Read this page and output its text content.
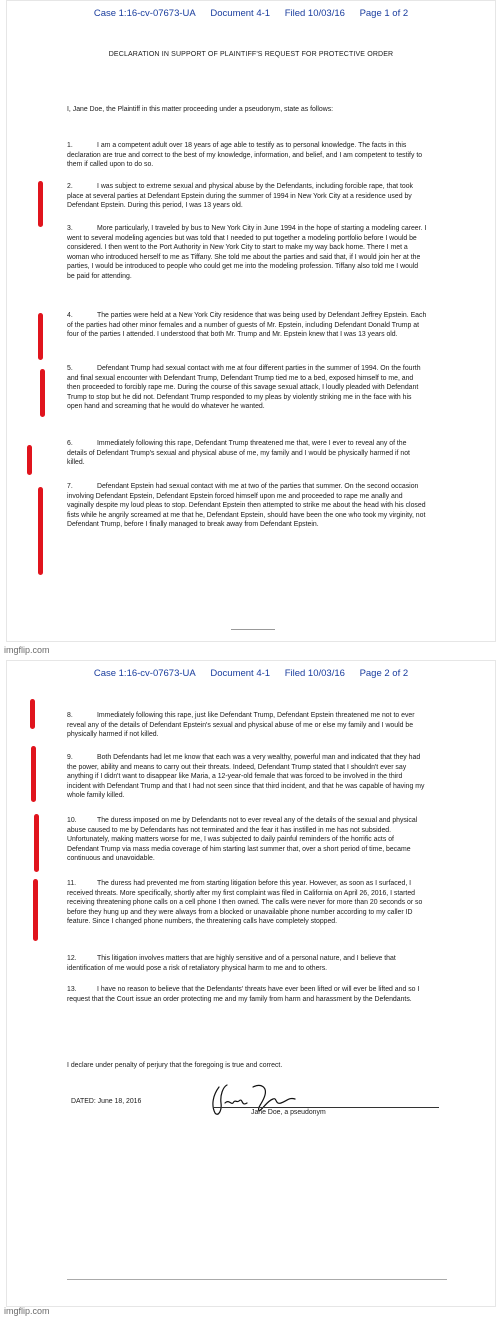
Case 1:16-cv-07673-UA Document 4-1 Filed 10/03/16 Page 1 of 2
DECLARATION IN SUPPORT OF PLAINTIFF'S REQUEST FOR PROTECTIVE ORDER

I, Jane Doe, the Plaintiff in this matter proceeding under a pseudonym, state as follows:

1.	I am a competent adult over 18 years of age able to testify as to personal knowledge. The facts in this declaration are true and correct to the best of my knowledge, information, and belief, and I am competent to testify to them if called upon to do so.

2.	I was subject to extreme sexual and physical abuse by the Defendants, including forcible rape, that took place at several parties at Defendant Epstein during the summer of 1994 in New York City at a residence used by Defendant Epstein. During this period, I was 13 years old.

3.	More particularly, I traveled by bus to New York City in June 1994 in the hope of starting a modeling career. I went to several modeling agencies but was told that I needed to put together a modeling portfolio before I would be considered. I then went to the Port Authority in New York City to start to make my way back home. There I met a woman who introduced herself to me as Tiffany. She told me about the parties and said that, if I would join her at the parties, I would be introduced to people who could get me into the modeling profession. Tiffany also told me I would be paid for attending.

4.	The parties were held at a New York City residence that was being used by Defendant Jeffrey Epstein. Each of the parties had other minor females and a number of guests of Mr. Epstein, including Defendant Donald Trump at four of the parties I attended. I understood that both Mr. Trump and Mr. Epstein knew that I was 13 years old.

5.	Defendant Trump had sexual contact with me at four different parties in the summer of 1994. On the fourth and final sexual encounter with Defendant Trump, Defendant Trump tied me to a bed, exposed himself to me, and then proceeded to forcibly rape me. During the course of this savage sexual attack, I loudly pleaded with Defendant Trump to stop but he did not. Defendant Trump responded to my pleas by violently striking me in the face with his open hand and screaming that he would do whatever he wanted.

6.	Immediately following this rape, Defendant Trump threatened me that, were I ever to reveal any of the details of Defendant Trump's sexual and physical abuse of me, my family and I would be physically harmed if not killed.

7.	Defendant Epstein had sexual contact with me at two of the parties that summer. On the second occasion involving Defendant Epstein, Defendant Epstein forced himself upon me and proceeded to rape me anally and vaginally despite my loud pleas to stop. Defendant Epstein then attempted to strike me about the head with his closed fists while he angrily screamed at me that he, Defendant Epstein, should have been the one who took my virginity, not Defendant Trump, before I finally managed to break away from Defendant Epstein.

imgflip.com
Case 1:16-cv-07673-UA Document 4-1 Filed 10/03/16 Page 2 of 2

8.	Immediately following this rape, just like Defendant Trump, Defendant Epstein threatened me not to ever reveal any of the details of Defendant Epstein's sexual and physical abuse of me or else my family and I would be physically harmed if not killed.

9.	Both Defendants had let me know that each was a very wealthy, powerful man and indicated that they had the power, ability and means to carry out their threats. Indeed, Defendant Trump stated that I shouldn't ever say anything if I didn't want to disappear like Maria, a 12-year-old female that was forced to be involved in the third incident with Defendant Trump and that I had not seen since that third incident, and that he was capable of having my whole family killed.

10.	The duress imposed on me by Defendants not to ever reveal any of the details of the sexual and physical abuse caused to me by Defendants has not terminated and the fear it has instilled in me has not subsided. Unfortunately, making matters worse for me, I was subjected to daily painful reminders of the horrific acts of Defendant Trump via mass media coverage of him starting last summer that, over a short period of time, became continuous and unavoidable.

11.	The duress had prevented me from starting litigation before this year. However, as soon as I surfaced, I received threats. More specifically, shortly after my first complaint was filed in California on April 26, 2016, I started receiving threatening phone calls on a cell phone I then owned. The calls were never for more than 20 seconds or so before they hung up and they were always from a blocked or unavailable phone number according to my caller ID feature. Since I changed phone numbers, the threatening calls have completely stopped.

12.	This litigation involves matters that are highly sensitive and of a personal nature, and I believe that identification of me would pose a risk of retaliatory physical harm to me and to others.

13.	I have no reason to believe that the Defendants' threats have ever been lifted or will ever be lifted and so I request that the Court issue an order protecting me and my family from harm and harassment by the Defendants.

I declare under penalty of perjury that the foregoing is true and correct.

DATED: June 18, 2016
Jane Doe, a pseudonym
imgflip.com
